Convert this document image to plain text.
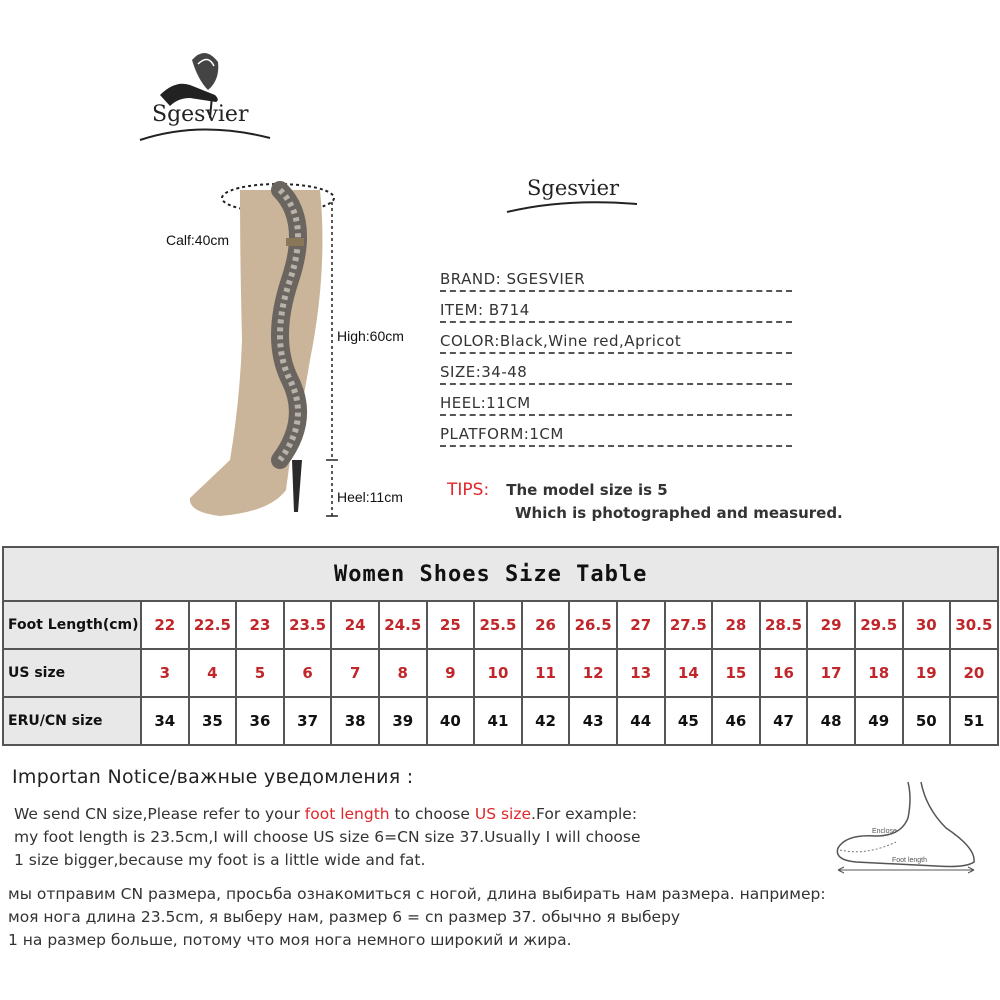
Sgesvier
Sgesvier
Calf:40cm
High:60cm
Heel:11cm
BRAND: SGESVIER
ITEM: B714
COLOR:Black,Wine red,Apricot
SIZE:34-48
HEEL:11CM
PLATFORM:1CM
TIPS: The model size is 5
Which is photographed and measured.
Women Shoes Size Table																		
Foot Length(cm)	22	22.5	23	23.5	24	24.5	25	25.5	26	26.5	27	27.5	28	28.5	29	29.5	30	30.5
US size	3	4	5	6	7	8	9	10	11	12	13	14	15	16	17	18	19	20
ERU/CN size	34	35	36	37	38	39	40	41	42	43	44	45	46	47	48	49	50	51
Importan Notice/важные уведомления :
We send CN size,Please refer to your foot length to choose US size.For example:
my foot length is 23.5cm,I will choose US size 6=CN size 37.Usually I will choose
1 size bigger,because my foot is a little wide and fat.
мы отправим CN размера, просьба ознакомиться с ногой, длина выбирать нам размера. например:
моя нога длина 23.5cm, я выберу нам, размер 6 = cn размер 37. обычно я выберу
1 на размер больше, потому что моя нога немного широкий и жира.
Enclose
Foot length
